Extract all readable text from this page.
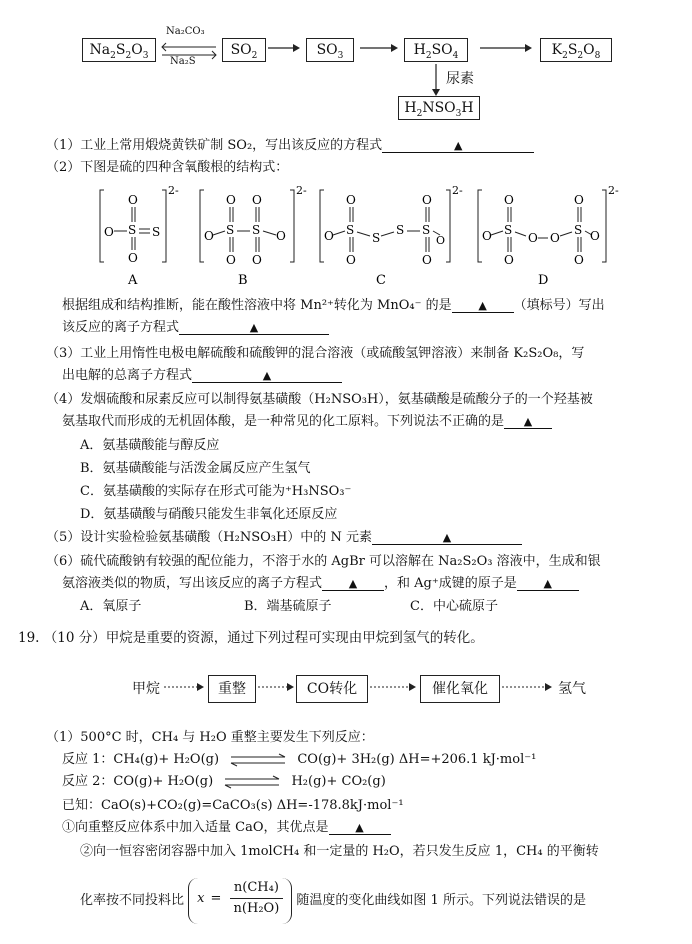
$Na_2S_2O_3$
Na₂CO₃
Na₂S
$SO_2$	$SO_3$	$H_2SO_4$	$K_2S_2O_8$
尿素
$H_2NSO_3H$
（1）工业上常用煅烧黄铁矿制 SO₂，写出该反应的方程式	▲
（2）下图是硫的四种含氧酸根的结构式：
2-
O
S
O	S
O
2-
O
S
O
O
S
O
O
O
2-
O
S
O
O
S
S S
O
O
O
2-
O
S
O
O
O O
S
O
O
O
A	B	C	D
根据组成和结构推断，能在酸性溶液中将 Mn²⁺转化为 MnO₄⁻ 的是 ▲ （填标号）写出
该反应的离子方程式	▲
（3）工业上用惰性电极电解硫酸和硫酸钾的混合溶液（或硫酸氢钾溶液）来制备 K₂S₂O₈，写
出电解的总离子方程式	▲
（4）发烟硫酸和尿素反应可以制得氨基磺酸（H₂NSO₃H），氨基磺酸是硫酸分子的一个羟基被
氨基取代而形成的无机固体酸，是一种常见的化工原料。下列说法不正确的是 ▲
A．氨基磺酸能与醇反应
B．氨基磺酸能与活泼金属反应产生氢气
C．氨基磺酸的实际存在形式可能为⁺H₃NSO₃⁻
D．氨基磺酸与硝酸只能发生非氧化还原反应
（5）设计实验检验氨基磺酸（H₂NSO₃H）中的 N 元素	▲
（6）硫代硫酸钠有较强的配位能力，不溶于水的 AgBr 可以溶解在 Na₂S₂O₃ 溶液中，生成和银
氨溶液类似的物质，写出该反应的离子方程式 ▲ ，和 Ag⁺成键的原子是 ▲
A．氧原子	B．端基硫原子	C．中心硫原子
19. （10 分）甲烷是重要的资源，通过下列过程可实现由甲烷到氢气的转化。
甲烷	重整	CO转化	催化氧化	氢气
（1）500°C 时，CH₄ 与 H₂O 重整主要发生下列反应：
反应 1：CH₄(g)+ H₂O(g)	CO(g)+ 3H₂(g) ΔH=+206.1 kJ·mol⁻¹
反应 2：CO(g)+ H₂O(g)	H₂(g)+ CO₂(g)
已知：CaO(s)+CO₂(g)=CaCO₃(s) ΔH=-178.8kJ·mol⁻¹
①向重整反应体系中加入适量 CaO，其优点是 ▲
②向一恒容密闭容器中加入 1molCH₄ 和一定量的 H₂O，若只发生反应 1，CH₄ 的平衡转
化率按不同投料比 $x = \frac{\text{n(CH₄)}}{\text{n(H₂O)}}$ 随温度的变化曲线如图 1 所示。下列说法错误的是
